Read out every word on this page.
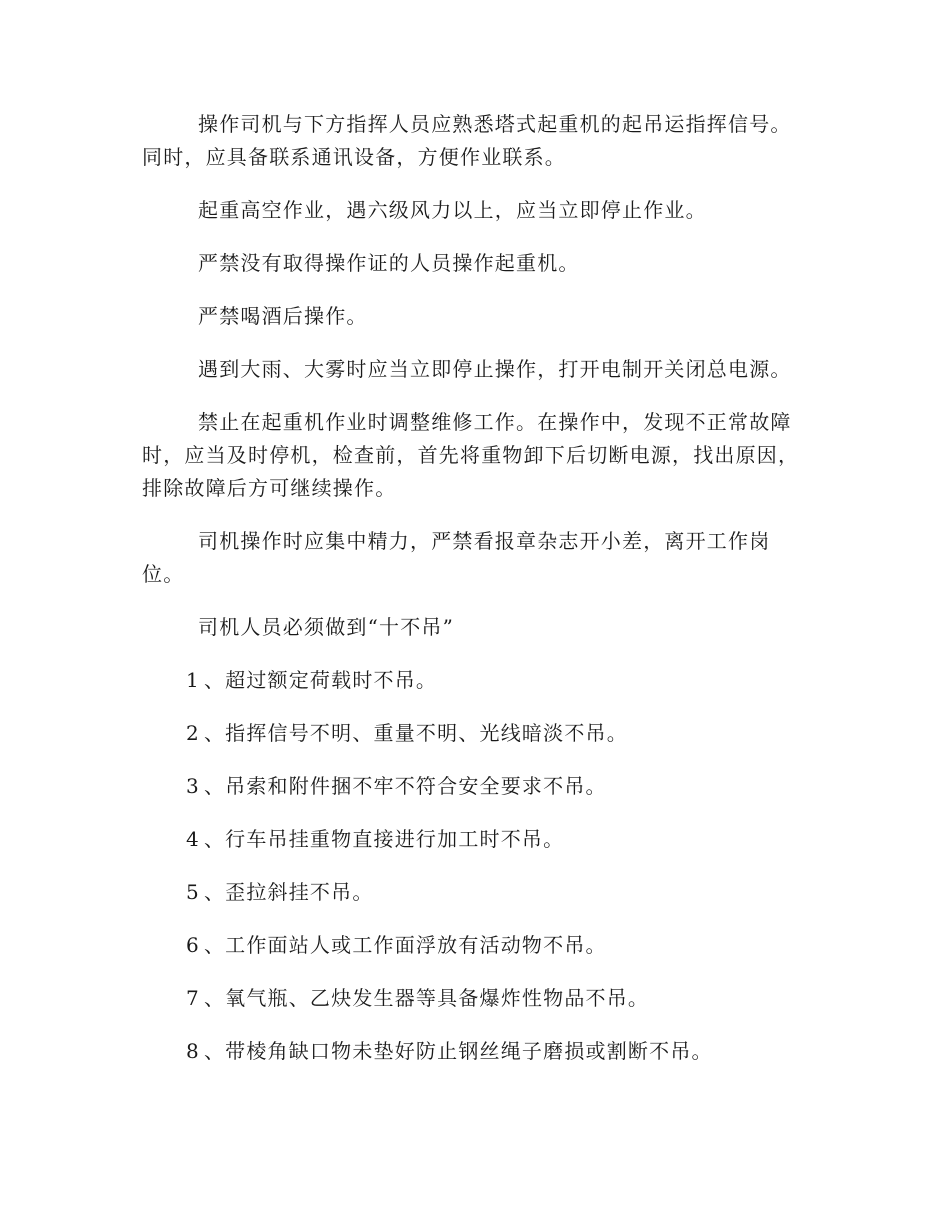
操作司机与下方指挥人员应熟悉塔式起重机的起吊运指挥信号。同时，应具备联系通讯设备，方便作业联系。

起重高空作业，遇六级风力以上，应当立即停止作业。

严禁没有取得操作证的人员操作起重机。

严禁喝酒后操作。

遇到大雨、大雾时应当立即停止操作，打开电制开关闭总电源。

禁止在起重机作业时调整维修工作。在操作中，发现不正常故障时，应当及时停机，检查前，首先将重物卸下后切断电源，找出原因，排除故障后方可继续操作。

司机操作时应集中精力，严禁看报章杂志开小差，离开工作岗位。

司机人员必须做到“十不吊”

1 、超过额定荷载时不吊。
2 、指挥信号不明、重量不明、光线暗淡不吊。
3 、吊索和附件捆不牢不符合安全要求不吊。
4 、行车吊挂重物直接进行加工时不吊。
5 、歪拉斜挂不吊。
6 、工作面站人或工作面浮放有活动物不吊。
7 、氧气瓶、乙炔发生器等具备爆炸性物品不吊。
8 、带棱角缺口物未垫好防止钢丝绳子磨损或割断不吊。
